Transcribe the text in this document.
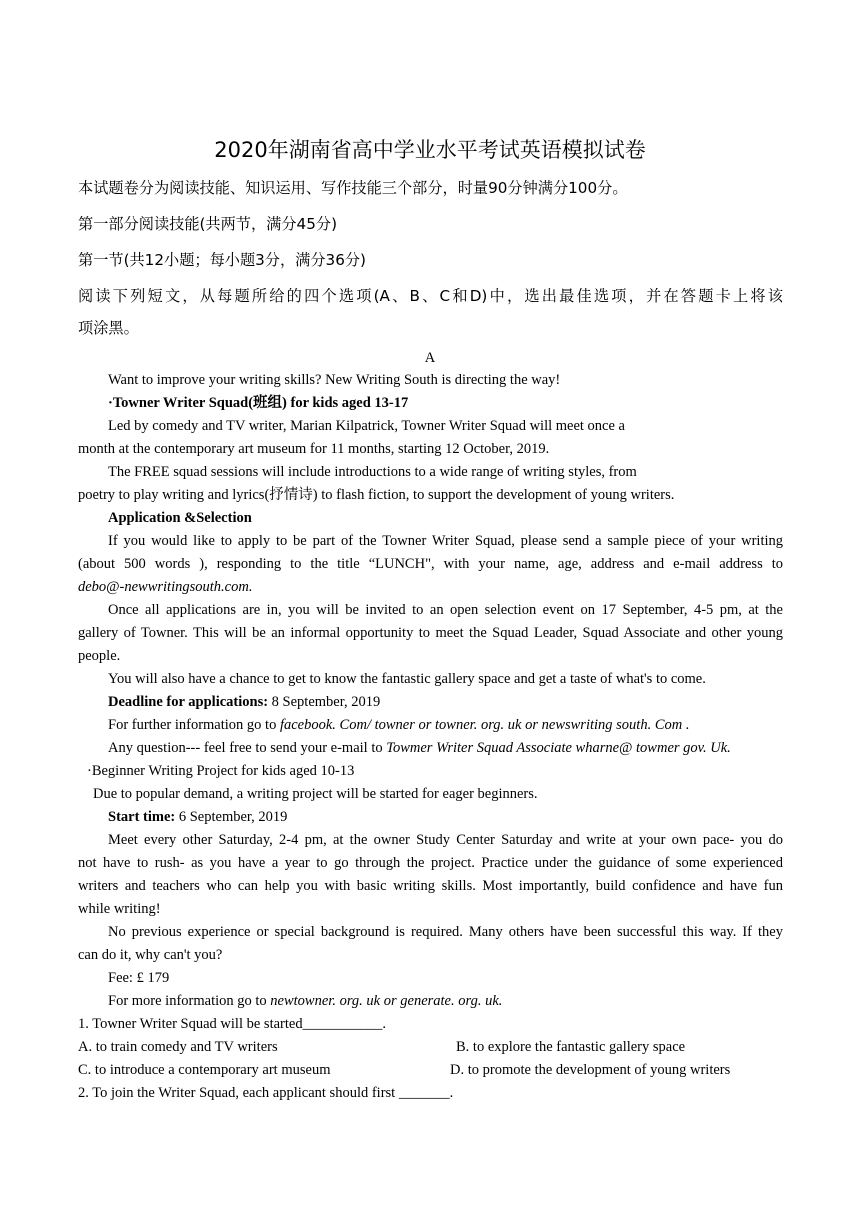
2020年湖南省高中学业水平考试英语模拟试卷
本试题卷分为阅读技能、知识运用、写作技能三个部分，时量90分钟满分100分。
第一部分阅读技能(共两节，满分45分)
第一节(共12小题；每小题3分，满分36分)
阅读下列短文，从每题所给的四个选项(A、B、C和D)中，选出最佳选项，并在答题卡上将该
项涂黑。
A
Want to improve your writing skills? New Writing South is directing the way!
·Towner Writer Squad(班组) for kids aged 13-17
Led by comedy and TV writer, Marian Kilpatrick, Towner Writer Squad will meet once a
month at the contemporary art museum for 11 months, starting 12 October, 2019.
The FREE squad sessions will include introductions to a wide range of writing styles, from
poetry to play writing and lyrics(抒情诗) to flash fiction, to support the development of young writers.
Application &Selection
If you would like to apply to be part of the Towner Writer Squad, please send a sample piece of your writing
(about 500 words ), responding to the title “LUNCH", with your name, age, address and e-mail address to
debo@-newwritingsouth.com.
Once all applications are in, you will be invited to an open selection event on 17 September, 4-5 pm, at the
gallery of Towner. This will be an informal opportunity to meet the Squad Leader, Squad Associate and other young
people.
You will also have a chance to get to know the fantastic gallery space and get a taste of what's to come.
Deadline for applications: 8 September, 2019
For further information go to facebook. Com/ towner or towner. org. uk or newswriting south. Com .
Any question--- feel free to send your e-mail to Towmer Writer Squad Associate wharne@ towmer gov. Uk.
·Beginner Writing Project for kids aged 10-13
Due to popular demand, a writing project will be started for eager beginners.
Start time: 6 September, 2019
Meet every other Saturday, 2-4 pm, at the owner Study Center Saturday and write at your own pace- you do
not have to rush- as you have a year to go through the project. Practice under the guidance of some experienced
writers and teachers who can help you with basic writing skills. Most importantly, build confidence and have fun
while writing!
No previous experience or special background is required. Many others have been successful this way. If they
can do it, why can't you?
Fee: £ 179
For more information go to newtowner. org. uk or generate. org. uk.
1. Towner Writer Squad will be started___________.
A. to train comedy and TV writers	B. to explore the fantastic gallery space
C. to introduce a contemporary art museum	D. to promote the development of young writers
2. To join the Writer Squad, each applicant should first _______.
